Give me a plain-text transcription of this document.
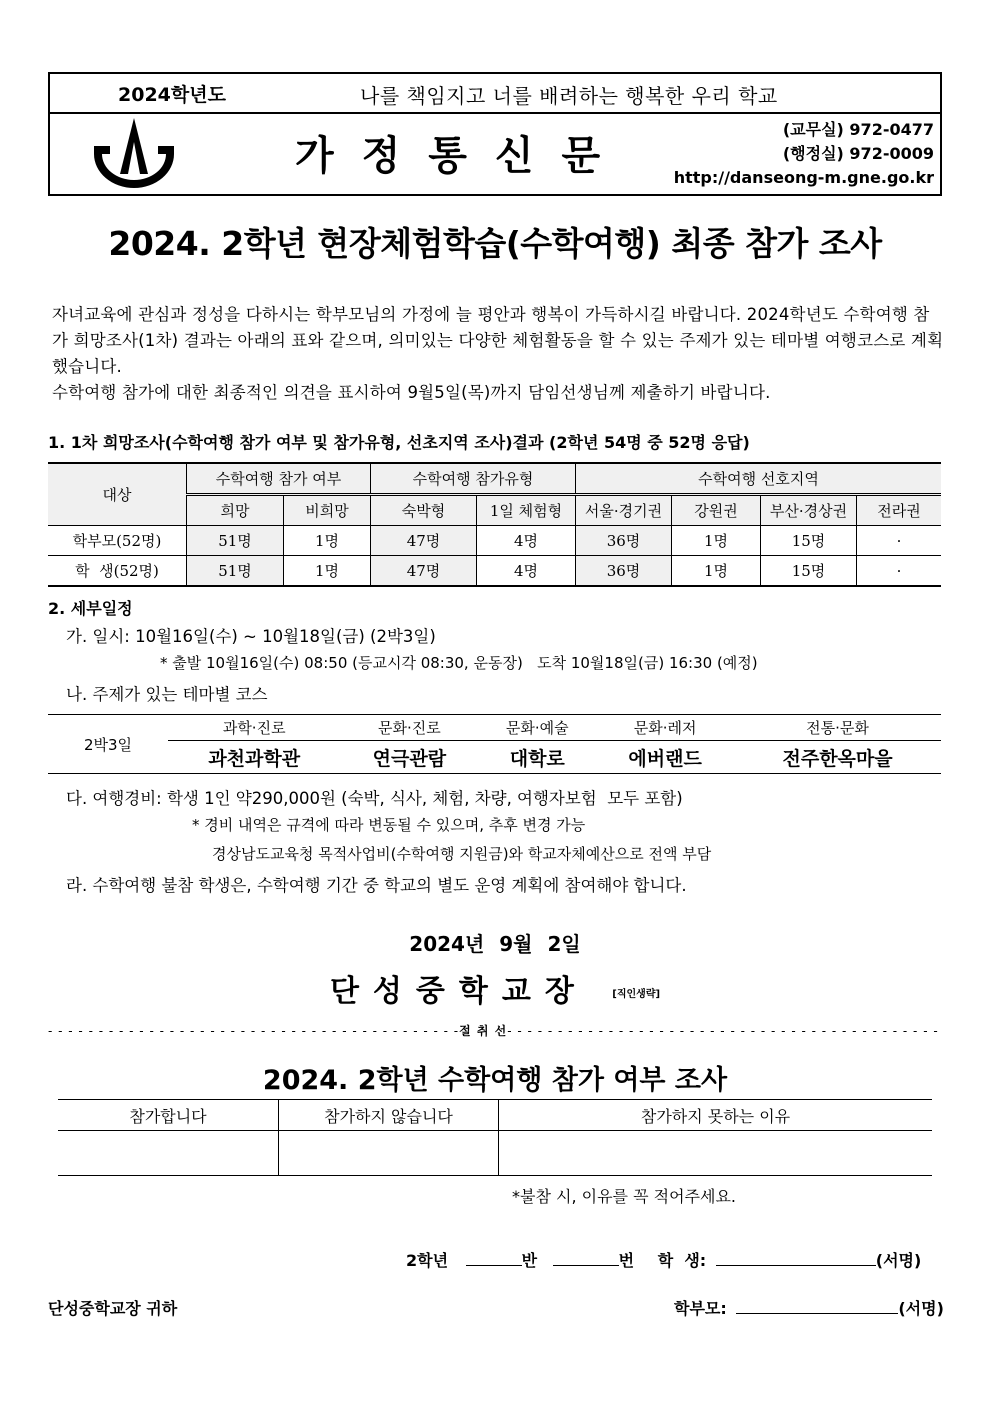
2024학년도	나를 책임지고 너를 배려하는 행복한 우리 학교
가정통신문
(교무실) 972-0477
(행정실) 972-0009
http://danseong-m.gne.go.kr
2024. 2학년 현장체험학습(수학여행) 최종 참가 조사

자녀교육에 관심과 정성을 다하시는 학부모님의 가정에 늘 평안과 행복이 가득하시길 바랍니다. 2024학년도 수학여행 참가 희망조사(1차) 결과는 아래의 표와 같으며, 의미있는 다양한 체험활동을 할 수 있는 주제가 있는 테마별 여행코스로 계획했습니다.

수학여행 참가에 대한 최종적인 의견을 표시하여 9월5일(목)까지 담임선생님께 제출하기 바랍니다.

1. 1차 희망조사(수학여행 참가 여부 및 참가유형, 선초지역 조사)결과 (2학년 54명 중 52명 응답)
대상	수학여행 참가 여부		수학여행 참가유형		수학여행 선호지역			
	희망	비희망	숙박형	1일 체험형	서울·경기권	강원권	부산·경상권	전라권
학부모(52명)	51명	1명	47명	4명	36명	1명	15명	·
학  생(52명)	51명	1명	47명	4명	36명	1명	15명	·
2. 세부일정
가. 일시: 10월16일(수) ~ 10월18일(금) (2박3일)
* 출발 10월16일(수) 08:50 (등교시각 08:30, 운동장)   도착 10월18일(금) 16:30 (예정)
나. 주제가 있는 테마별 코스
2박3일	과학·진로	문화·진로	문화·예술	문화·레저	전통·문화
	과천과학관	연극관람	대학로	에버랜드	전주한옥마을
다. 여행경비: 학생 1인 약290,000원 (숙박, 식사, 체험, 차량, 여행자보험  모두 포함)
* 경비 내역은 규격에 따라 변동될 수 있으며, 추후 변경 가능
경상남도교육청 목적사업비(수학여행 지원금)와 학교자체예산으로 전액 부담
라. 수학여행 불참 학생은, 수학여행 기간 중 학교의 별도 운영 계획에 참여해야 합니다.
2024년 9월 2일
단성중학교장 [직인생략]
- - - - - - - - - - - - - - - - - - - - - - - - - - - - - - - - - - - - - - - - -절 취 선- - - - - - - - - - - - - - - - - - - - - - - - - - - - - - - - - - - - - - - - - - -
2024. 2학년 수학여행 참가 여부 조사
참가합니다	참가하지 않습니다	참가하지 못하는 이유

*불참 시, 이유를 꼭 적어주세요.
2학년	반	번 학  생:	(서명)
단성중학교장 귀하	학부모:	(서명)
